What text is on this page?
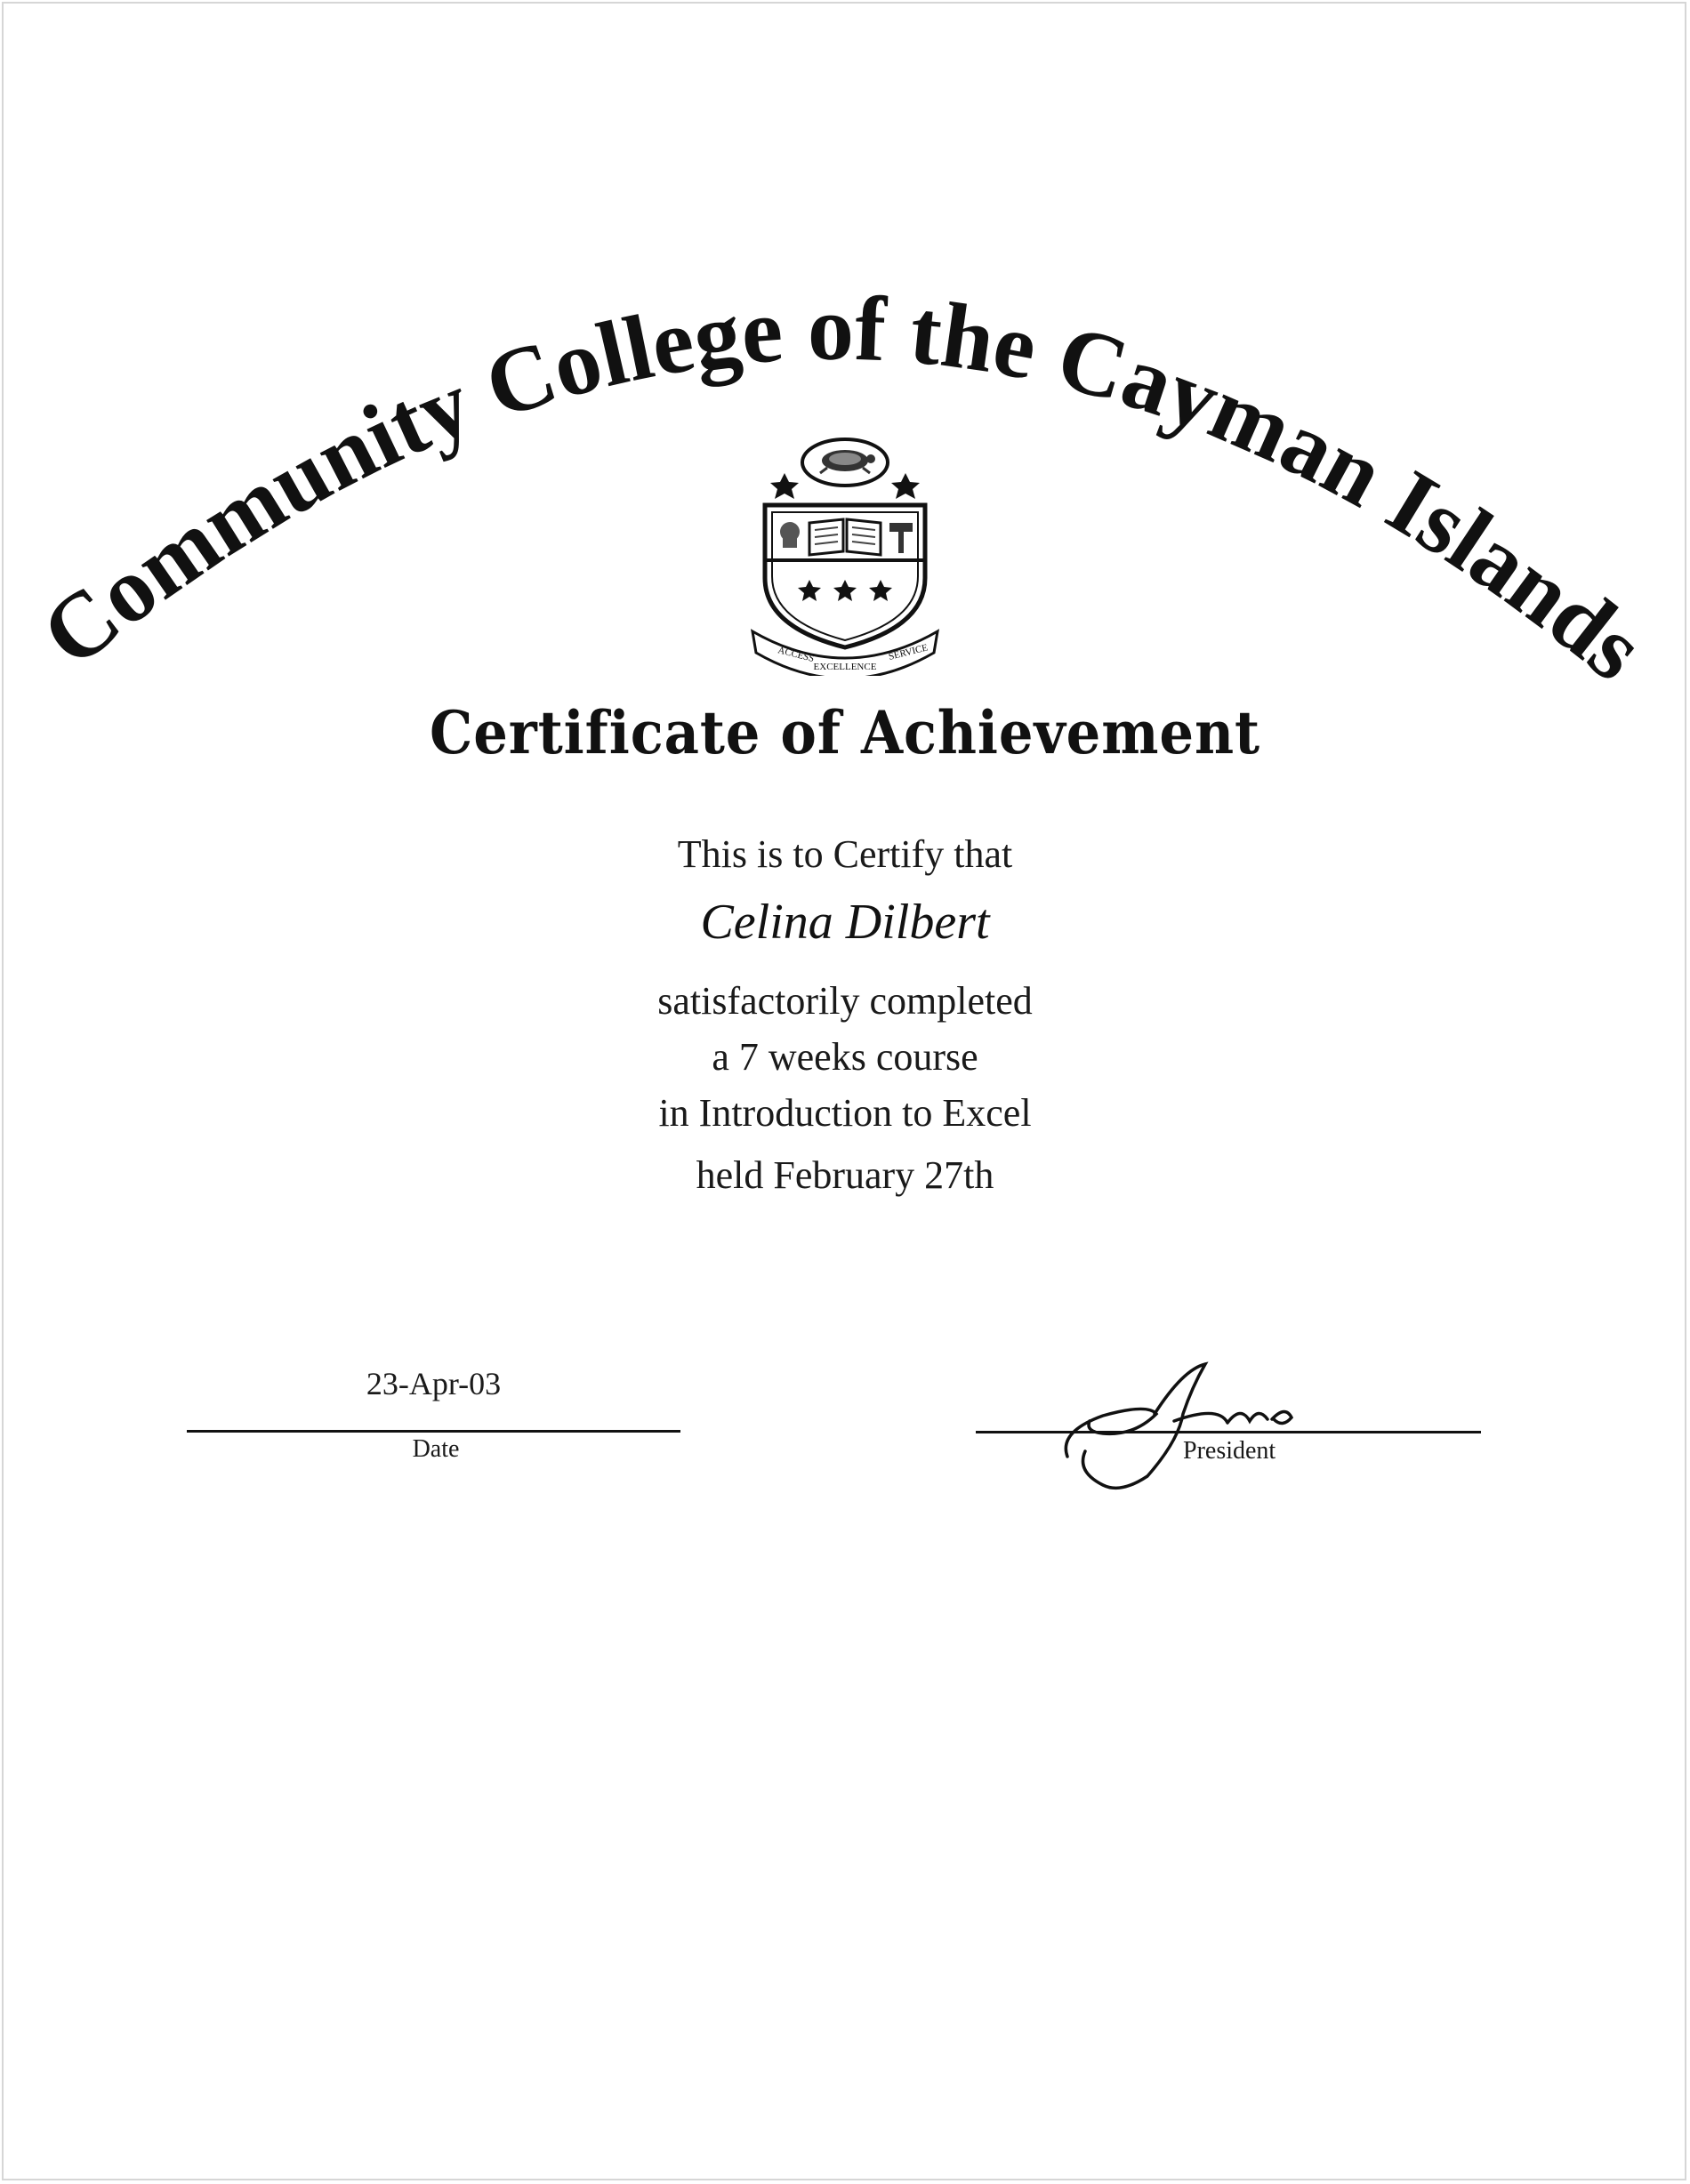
Community College of the Cayman Islands
ACCESS
EXCELLENCE
SERVICE
Certificate of Achievement
This is to Certify that
Celina Dilbert
satisfactorily completed
a 7 weeks course
in Introduction to Excel
held February 27th
23-Apr-03
Date	President
